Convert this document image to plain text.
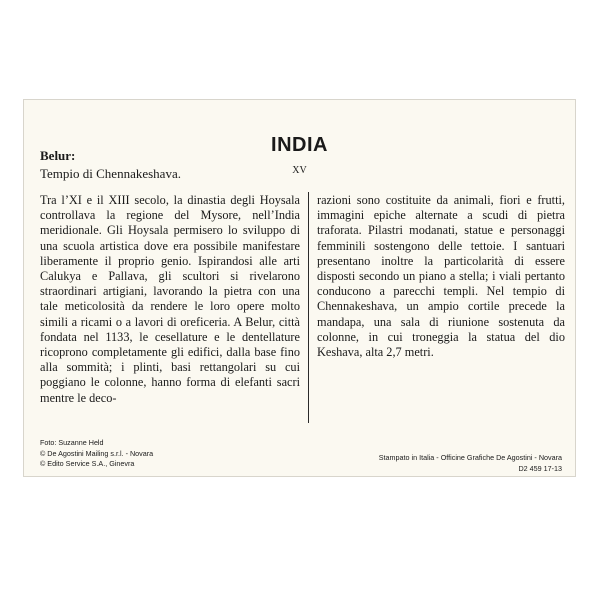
INDIA
XV
Belur:
Tempio di Chennakeshava.
Tra l’XI e il XIII secolo, la dinastia degli Hoysala controllava la regione del Mysore, nell’India meridionale. Gli Hoysala permisero lo sviluppo di una scuola artistica dove era possibile manifestare liberamente il proprio genio. Ispirandosi alle arti Calukya e Pallava, gli scultori si rivelarono straordinari artigiani, lavorando la pietra con una tale meticolosità da rendere le loro opere molto simili a ricami o a lavori di oreficeria. A Belur, città fondata nel 1133, le cesellature e le dentellature ricoprono completamente gli edifici, dalla base fino alla sommità; i plinti, basi rettangolari su cui poggiano le colonne, hanno forma di elefanti sacri mentre le deco-
razioni sono costituite da animali, fiori e frutti, immagini epiche alternate a scudi di pietra traforata. Pilastri modanati, statue e personaggi femminili sostengono delle tettoie. I santuari presentano inoltre la particolarità di essere disposti secondo un piano a stella; i viali pertanto conducono a parecchi templi. Nel tempio di Chennakeshava, un ampio cortile precede la mandapa, una sala di riunione sostenuta da colonne, in cui troneggia la statua del dio Keshava, alta 2,7 metri.
Foto: Suzanne Held
© De Agostini Mailing s.r.l. - Novara
© Edito Service S.A., Ginevra
Stampato in Italia - Officine Grafiche De Agostini - Novara
D2 459 17-13
